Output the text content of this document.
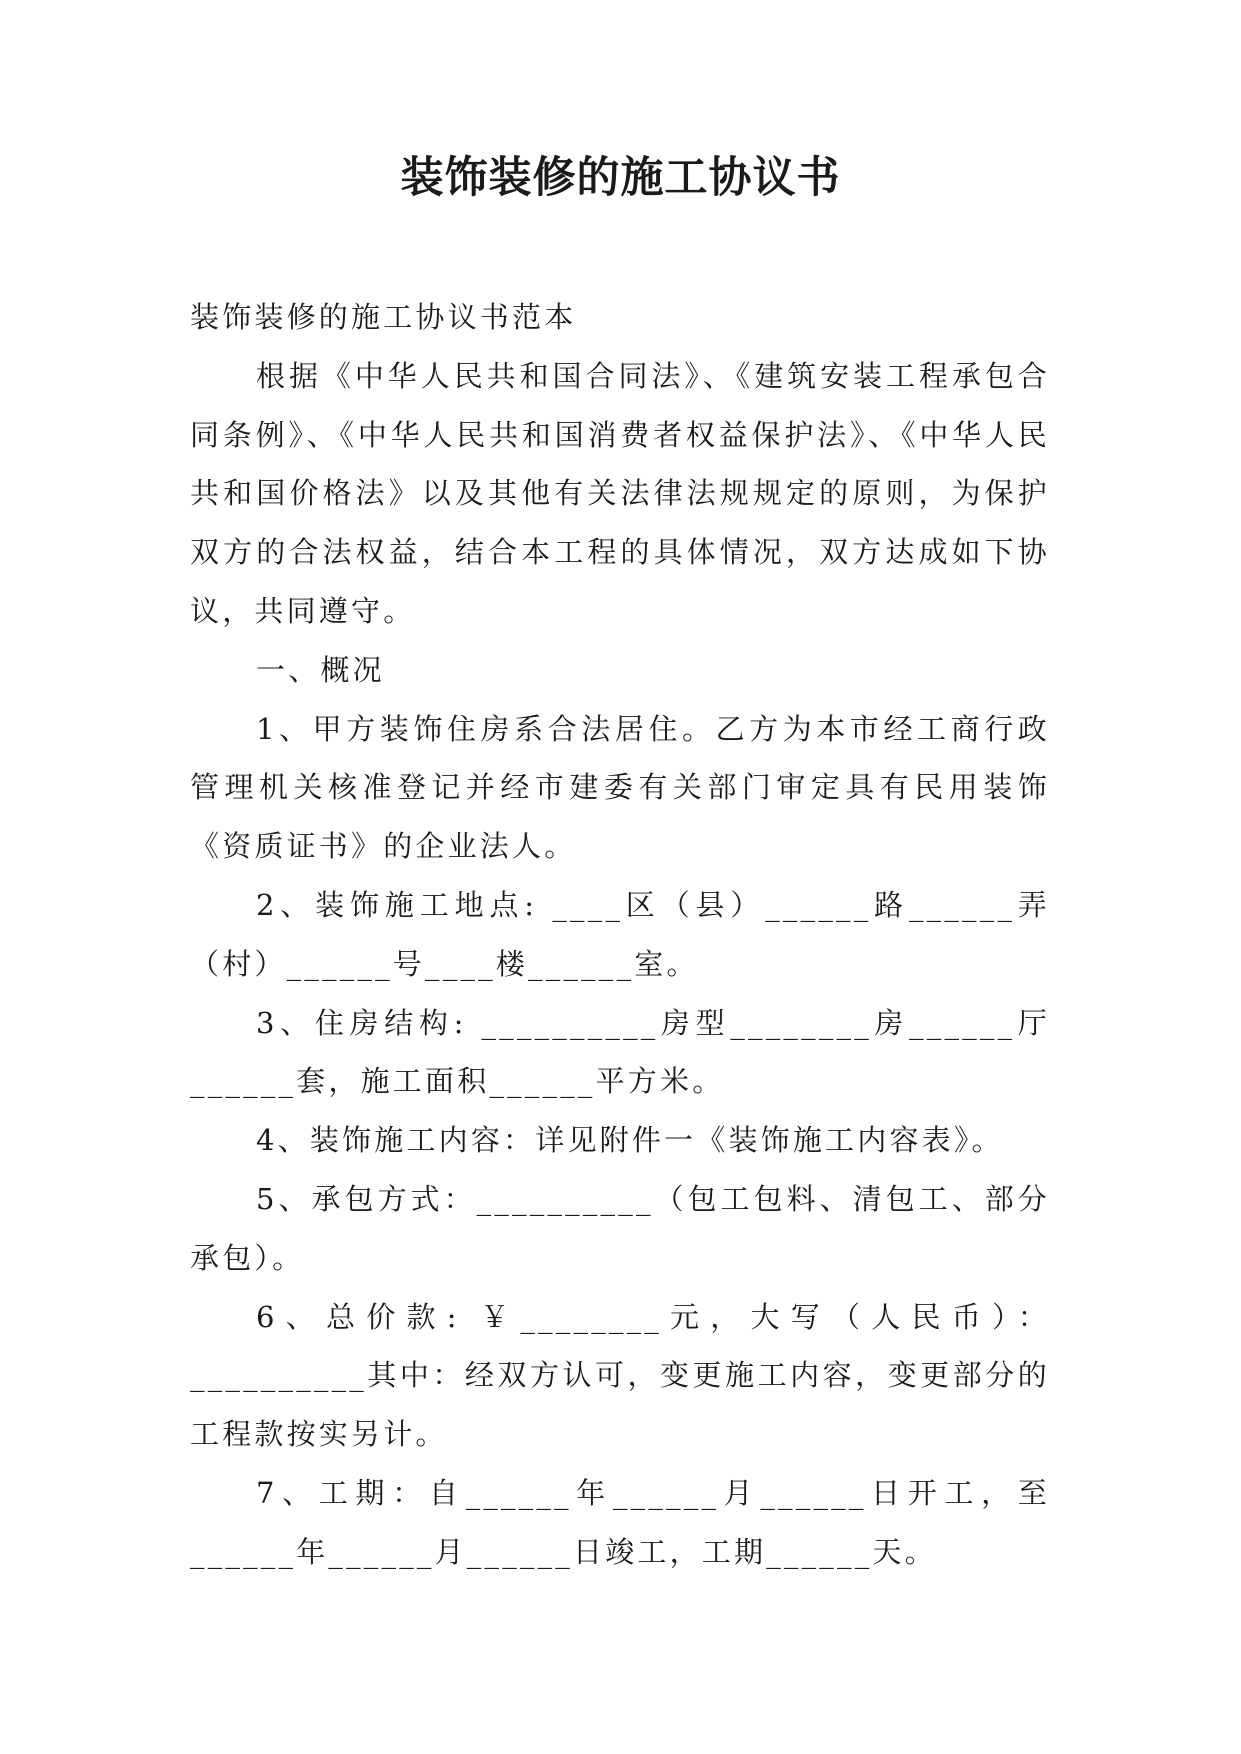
装饰装修的施工协议书

装饰装修的施工协议书范本

根据《中华人民共和国合同法》、《建筑安装工程承包合同条例》、《中华人民共和国消费者权益保护法》、《中华人民共和国价格法》以及其他有关法律法规规定的原则，为保护双方的合法权益，结合本工程的具体情况，双方达成如下协议，共同遵守。

一、概况

1、甲方装饰住房系合法居住。乙方为本市经工商行政管理机关核准登记并经市建委有关部门审定具有民用装饰《资质证书》的企业法人。

2、装饰施工地点: ____区（县）______路______弄（村）______号____楼______室。

3、住房结构: __________房型________房______厅______套，施工面积______平方米。

4、装饰施工内容：详见附件一《装饰施工内容表》。

5、承包方式：__________（包工包料、清包工、部分承包）。

6、总价款: ￥________元，大写（人民币）：__________其中：经双方认可，变更施工内容，变更部分的工程款按实另计。

7、工期：自______年______月______日开工，至______年______月______日竣工，工期______天。
